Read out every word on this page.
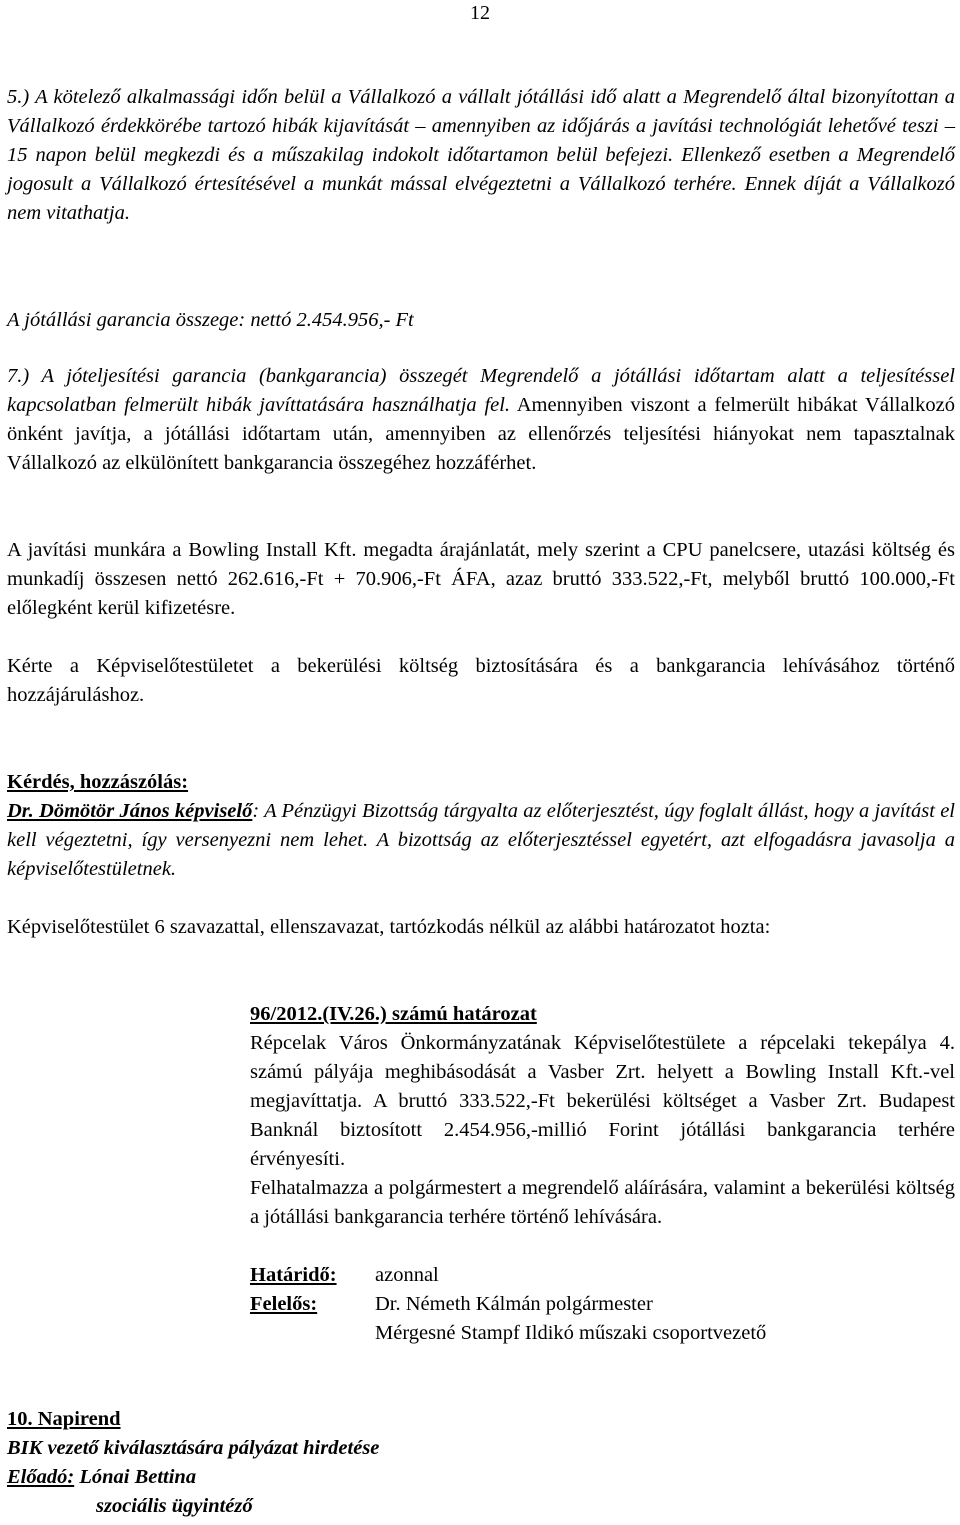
12
5.) A kötelező alkalmassági időn belül a Vállalkozó a vállalt jótállási idő alatt a Megrendelő által bizonyítottan a Vállalkozó érdekkörébe tartozó hibák kijavítását – amennyiben az időjárás a javítási technológiát lehetővé teszi – 15 napon belül megkezdi és a műszakilag indokolt időtartamon belül befejezi. Ellenkező esetben a Megrendelő jogosult a Vállalkozó értesítésével a munkát mással elvégeztetni a Vállalkozó terhére. Ennek díját a Vállalkozó nem vitathatja.
A jótállási garancia összege: nettó 2.454.956,- Ft
7.) A jóteljesítési garancia (bankgarancia) összegét Megrendelő a jótállási időtartam alatt a teljesítéssel kapcsolatban felmerült hibák javíttatására használhatja fel. Amennyiben viszont a felmerült hibákat Vállalkozó önként javítja, a jótállási időtartam után, amennyiben az ellenőrzés teljesítési hiányokat nem tapasztalnak Vállalkozó az elkülönített bankgarancia összegéhez hozzáférhet.
A javítási munkára a Bowling Install Kft. megadta árajánlatát, mely szerint a CPU panelcsere, utazási költség és munkadíj összesen nettó 262.616,-Ft + 70.906,-Ft ÁFA, azaz bruttó 333.522,-Ft, melyből bruttó 100.000,-Ft előlegként kerül kifizetésre.
Kérte a Képviselőtestületet a bekerülési költség biztosítására és a bankgarancia lehívásához történő hozzájáruláshoz.
Kérdés, hozzászólás:
Dr. Dömötör János képviselő: A Pénzügyi Bizottság tárgyalta az előterjesztést, úgy foglalt állást, hogy a javítást el kell végeztetni, így versenyezni nem lehet. A bizottság az előterjesztéssel egyetért, azt elfogadásra javasolja a képviselőtestületnek.
Képviselőtestület 6 szavazattal, ellenszavazat, tartózkodás nélkül az alábbi határozatot hozta:
96/2012.(IV.26.) számú határozat
Répcelak Város Önkormányzatának Képviselőtestülete a répcelaki tekepálya 4. számú pályája meghibásodását a Vasber Zrt. helyett a Bowling Install Kft.-vel megjavíttatja. A bruttó 333.522,-Ft bekerülési költséget a Vasber Zrt. Budapest Banknál biztosított 2.454.956,-millió Forint jótállási bankgarancia terhére érvényesíti.
Felhatalmazza a polgármestert a megrendelő aláírására, valamint a bekerülési költség a jótállási bankgarancia terhére történő lehívására.
Határidő: azonnal
Felelős:	Dr. Németh Kálmán polgármester
Mérgesné Stampf Ildikó műszaki csoportvezető
10. Napirend
BIK vezető kiválasztására pályázat hirdetése
Előadó: Lónai Bettina
szociális ügyintéző
